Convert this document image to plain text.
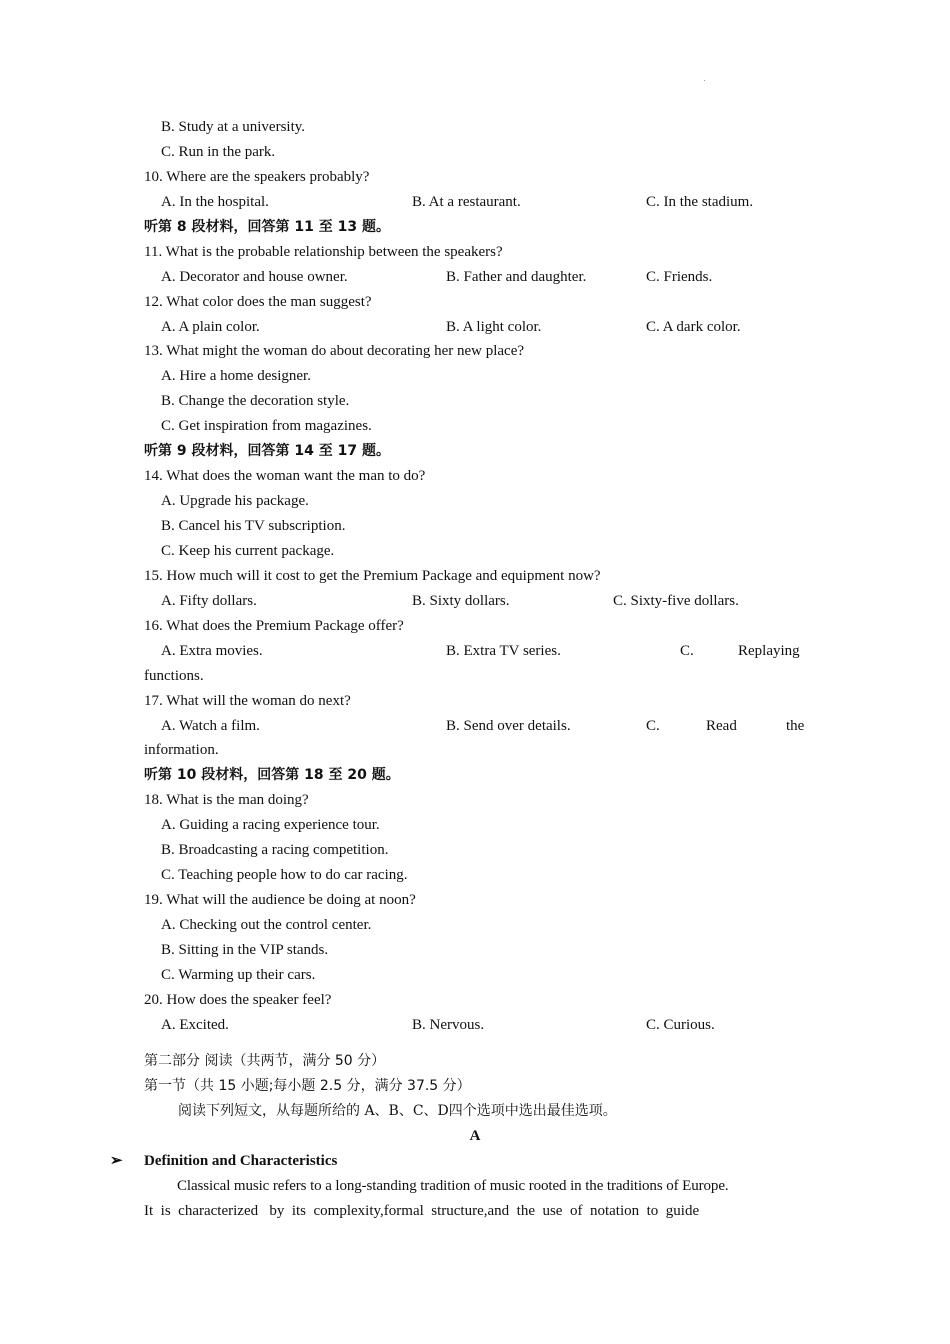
B. Study at a university.
C. Run in the park.
10. Where are the speakers probably?
A. In the hospital.	B. At a restaurant.	C. In the stadium.
听第 8 段材料，回答第 11 至 13 题。
11. What is the probable relationship between the speakers?
A. Decorator and house owner.	B. Father and daughter.	C. Friends.
12. What color does the man suggest?
A. A plain color.	B. A light color.	C. A dark color.
13. What might the woman do about decorating her new place?
A. Hire a home designer.
B. Change the decoration style.
C. Get inspiration from magazines.
听第 9 段材料，回答第 14 至 17 题。
14. What does the woman want the man to do?
A. Upgrade his package.
B. Cancel his TV subscription.
C. Keep his current package.
15. How much will it cost to get the Premium Package and equipment now?
A. Fifty dollars.	B. Sixty dollars.	C. Sixty-five dollars.
16. What does the Premium Package offer?
A. Extra movies.	B. Extra TV series.	C.	Replaying
functions.
17. What will the woman do next?
A. Watch a film.	B. Send over details.	C.	Read	the
information.
听第 10 段材料，回答第 18 至 20 题。
18. What is the man doing?
A. Guiding a racing experience tour.
B. Broadcasting a racing competition.
C. Teaching people how to do car racing.
19. What will the audience be doing at noon?
A. Checking out the control center.
B. Sitting in the VIP stands.
C. Warming up their cars.
20. How does the speaker feel?
A. Excited.	B. Nervous.	C. Curious.
第二部分 阅读（共两节，满分 50 分）
第一节（共 15 小题;每小题 2.5 分，满分 37.5 分）
阅读下列短文，从每题所给的 A、B、C、D四个选项中选出最佳选项。
A
➢ Definition and Characteristics
Classical music refers to a long-standing tradition of music rooted in the traditions of Europe.
It  is  characterized   by  its  complexity,formal  structure,and  the  use  of  notation  to  guide
